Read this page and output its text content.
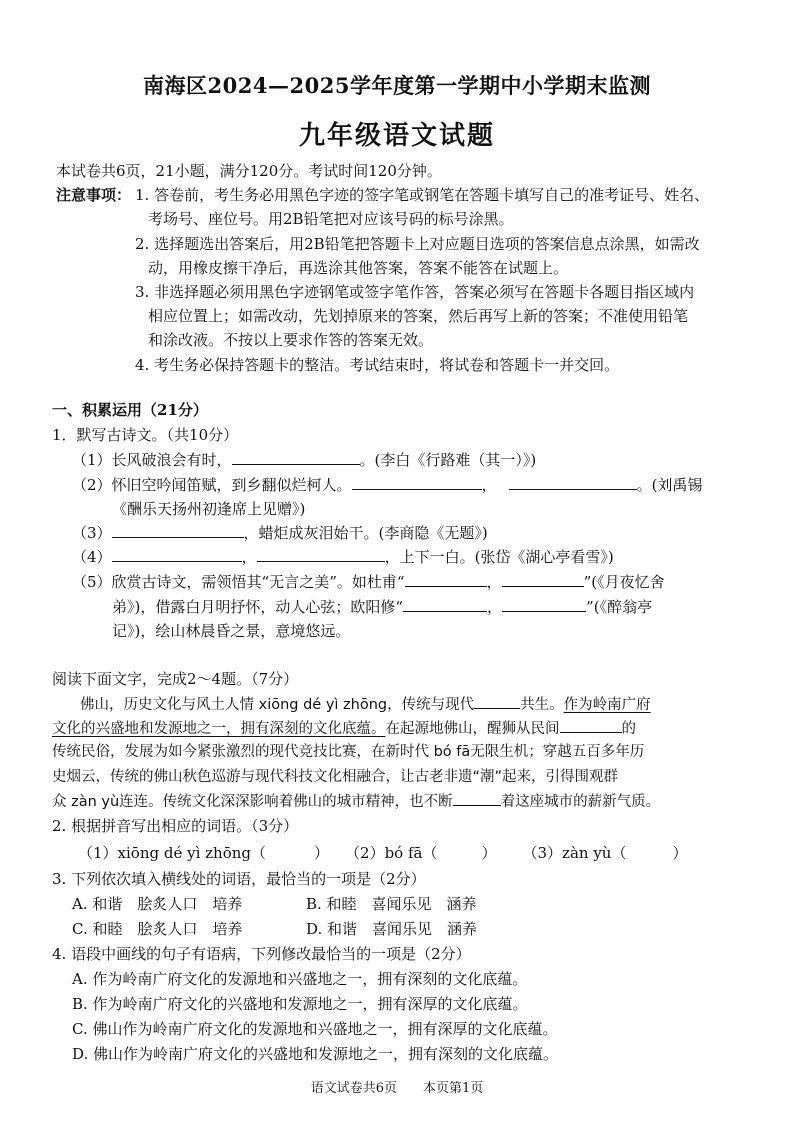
南海区2024—2025学年度第一学期中小学期末监测
九年级语文试题
本试卷共6页，21小题，满分120分。考试时间120分钟。
注意事项： 1. 答卷前，考生务必用黑色字迹的签字笔或钢笔在答题卡填写自己的准考证号、姓名、
考场号、座位号。用2B铅笔把对应该号码的标号涂黑。
2. 选择题选出答案后，用2B铅笔把答题卡上对应题目选项的答案信息点涂黑，如需改
动，用橡皮擦干净后，再选涂其他答案，答案不能答在试题上。
3. 非选择题必须用黑色字迹钢笔或签字笔作答，答案必须写在答题卡各题目指区域内
相应位置上；如需改动，先划掉原来的答案，然后再写上新的答案；不准使用铅笔
和涂改液。不按以上要求作答的答案无效。
4. 考生务必保持答题卡的整洁。考试结束时，将试卷和答题卡一并交回。
一、积累运用（21分）
1．默写古诗文。（共10分）
（1）长风破浪会有时，	。(李白《行路难（其一）》)
（2）怀旧空吟闻笛赋，到乡翻似烂柯人。	，	。(刘禹锡
《酬乐天扬州初逢席上见赠》)
（3）	，蜡炬成灰泪始干。(李商隐《无题》)
（4）	，	，上下一白。(张岱《湖心亭看雪》)
（5）欣赏古诗文，需领悟其“无言之美”。如杜甫“	，	”(《月夜忆舍
弟》)，借露白月明抒怀，动人心弦；欧阳修“	，	”(《醉翁亭
记》)，绘山林晨昏之景，意境悠远。
阅读下面文字，完成2～4题。（7分）
佛山，历史文化与风土人情 xiōng dé yì zhōng，传统与现代	共生。作为岭南广府
文化的兴盛地和发源地之一，拥有深刻的文化底蕴。在起源地佛山，醒狮从民间	的
传统民俗，发展为如今紧张激烈的现代竞技比赛，在新时代 bó fā无限生机；穿越五百多年历
史烟云，传统的佛山秋色巡游与现代科技文化相融合，让古老非遗“潮”起来，引得围观群
众 zàn yù连连。传统文化深深影响着佛山的城市精神，也不断	着这座城市的薪新气质。
2. 根据拼音写出相应的词语。（3分）
（1）xiōng dé yì zhōng（	） （2）bó fā（	） （3）zàn yù（	）
3. 下列依次填入横线处的词语，最恰当的一项是（2分）
A. 和谐　脍炙人口　培养	B. 和睦　喜闻乐见　涵养
C. 和睦　脍炙人口　培养	D. 和谐　喜闻乐见　涵养
4. 语段中画线的句子有语病，下列修改最恰当的一项是（2分）
A. 作为岭南广府文化的发源地和兴盛地之一，拥有深刻的文化底蕴。
B. 作为岭南广府文化的兴盛地和发源地之一，拥有深厚的文化底蕴。
C. 佛山作为岭南广府文化的发源地和兴盛地之一，拥有深厚的文化底蕴。
D. 佛山作为岭南广府文化的兴盛地和发源地之一，拥有深刻的文化底蕴。
语文试卷共6页 本页第1页
